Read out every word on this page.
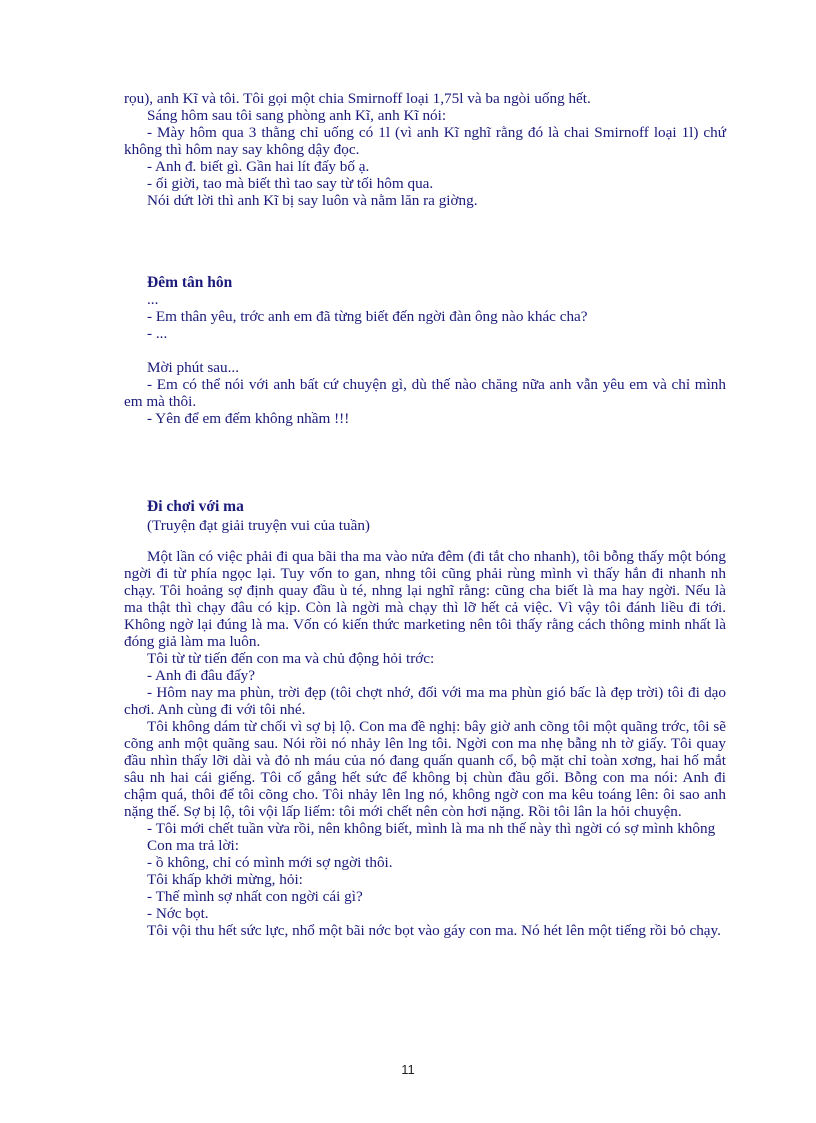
rọu), anh Kĩ và tôi. Tôi gọi một chia Smirnoff loại 1,75l và ba ngòi uống hết.

Sáng hôm sau tôi sang phòng anh Kĩ, anh Kĩ nói:

- Mày hôm qua 3 thằng chỉ uống có 1l (vì anh Kĩ nghĩ rằng đó là chai Smirnoff loại 1l) chứ không thì hôm nay say không dậy đọc.

- Anh đ. biết gì. Gần hai lít đấy bố ạ.

- ối giời, tao mà biết thì tao say từ tối hôm qua.

Nói dứt lời thì anh Kĩ bị say luôn và nằm lăn ra giờng.

Đêm tân hôn

...

- Em thân yêu, trớc anh em đã từng biết đến ngời đàn ông nào khác cha?

- ...

Mời phút sau...

- Em có thể nói với anh bất cứ chuyện gì, dù thế nào chăng nữa anh vẫn yêu em và chỉ mình em mà thôi.

- Yên để em đếm không nhầm !!!

Đi chơi với ma

(Truyện đạt giải truyện vui của tuần)

Một lần có việc phải đi qua bãi tha ma vào nửa đêm (đi tắt cho nhanh), tôi bỗng thấy một bóng ngời đi từ phía ngọc lại. Tuy vốn to gan, nhng tôi cũng phải rùng mình vì thấy hắn đi nhanh nh chạy. Tôi hoảng sợ định quay đầu ù té, nhng lại nghĩ rằng: cũng cha biết là ma hay ngời. Nếu là ma thật thì chạy đâu có kịp. Còn là ngời mà chạy thì lỡ hết cả việc. Vì vậy tôi đánh liều đi tới. Không ngờ lại đúng là ma. Vốn có kiến thức marketing nên tôi thấy rằng cách thông minh nhất là đóng giả làm ma luôn.

Tôi từ từ tiến đến con ma và chủ động hỏi trớc:

- Anh đi đâu đấy?

- Hôm nay ma phùn, trời đẹp (tôi chợt nhớ, đối với ma ma phùn gió bấc là đẹp trời) tôi đi dạo chơi. Anh cùng đi với tôi nhé.

Tôi không dám từ chối vì sợ bị lộ. Con ma đề nghị: bây giờ anh cõng tôi một quãng trớc, tôi sẽ cõng anh một quãng sau. Nói rồi nó nhảy lên lng tôi. Ngời con ma nhẹ bẫng nh tờ giấy. Tôi quay đầu nhìn thấy lỡi dài và đỏ nh máu của nó đang quấn quanh cổ, bộ mặt chỉ toàn xơng, hai hố mắt sâu nh hai cái giếng. Tôi cố gắng hết sức để không bị chùn đầu gối. Bỗng con ma nói: Anh đi chậm quá, thôi để tôi cõng cho. Tôi nhảy lên lng nó, không ngờ con ma kêu toáng lên: ôi sao anh nặng thế. Sợ bị lộ, tôi vội lấp liếm: tôi mới chết nên còn hơi nặng. Rồi tôi lân la hỏi chuyện.

- Tôi mới chết tuần vừa rồi, nên không biết, mình là ma nh thế này thì ngời có sợ mình không

Con ma trả lời:

- ồ không, chỉ có mình mới sợ ngời thôi.

Tôi khấp khởi mừng, hỏi:

- Thế mình sợ nhất con ngời cái gì?

- Nớc bọt.

Tôi vội thu hết sức lực, nhổ một bãi nớc bọt vào gáy con ma. Nó hét lên một tiếng rồi bỏ chạy.

11
